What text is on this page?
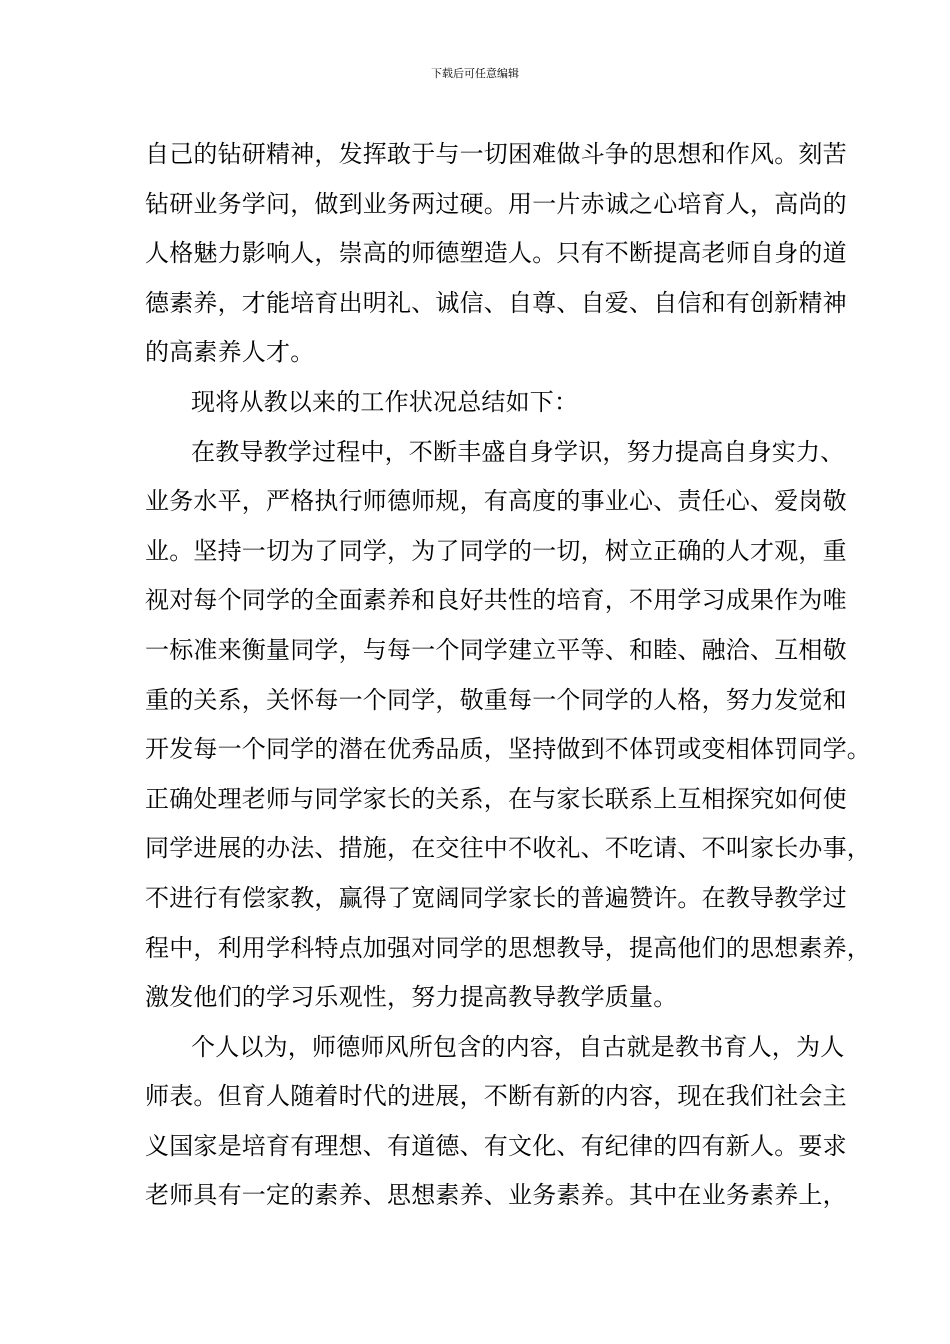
下载后可任意编辑
自己的钻研精神，发挥敢于与一切困难做斗争的思想和作风。刻苦
钻研业务学问，做到业务两过硬。用一片赤诚之心培育人，高尚的
人格魅力影响人，崇高的师德塑造人。只有不断提高老师自身的道
德素养，才能培育出明礼、诚信、自尊、自爱、自信和有创新精神
的高素养人才。
现将从教以来的工作状况总结如下：
在教导教学过程中，不断丰盛自身学识，努力提高自身实力、
业务水平，严格执行师德师规，有高度的事业心、责任心、爱岗敬
业。坚持一切为了同学，为了同学的一切，树立正确的人才观，重
视对每个同学的全面素养和良好共性的培育，不用学习成果作为唯
一标准来衡量同学，与每一个同学建立平等、和睦、融洽、互相敬
重的关系，关怀每一个同学，敬重每一个同学的人格，努力发觉和
开发每一个同学的潜在优秀品质，坚持做到不体罚或变相体罚同学。
正确处理老师与同学家长的关系，在与家长联系上互相探究如何使
同学进展的办法、措施，在交往中不收礼、不吃请、不叫家长办事，
不进行有偿家教，赢得了宽阔同学家长的普遍赞许。在教导教学过
程中，利用学科特点加强对同学的思想教导，提高他们的思想素养，
激发他们的学习乐观性，努力提高教导教学质量。
个人以为，师德师风所包含的内容，自古就是教书育人，为人
师表。但育人随着时代的进展，不断有新的内容，现在我们社会主
义国家是培育有理想、有道德、有文化、有纪律的四有新人。要求
老师具有一定的素养、思想素养、业务素养。其中在业务素养上，
